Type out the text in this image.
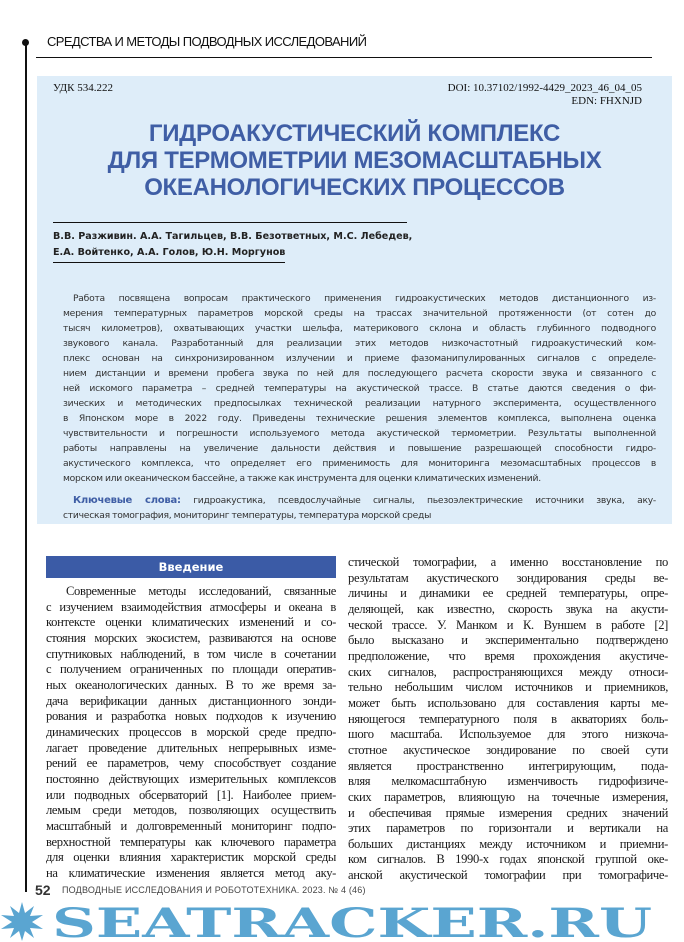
СРЕДСТВА И МЕТОДЫ ПОДВОДНЫХ ИССЛЕДОВАНИЙ
УДК 534.222	DOI: 10.37102/1992-4429_2023_46_04_05
EDN: FHXNJD
ГИДРОАКУСТИЧЕСКИЙ КОМПЛЕКС
ДЛЯ ТЕРМОМЕТРИИ МЕЗОМАСШТАБНЫХ
ОКЕАНОЛОГИЧЕСКИХ ПРОЦЕССОВ
В.В. Разживин. А.А. Тагильцев, В.В. Безответных, М.С. Лебедев,
Е.А. Войтенко, А.А. Голов, Ю.Н. Моргунов
Работа посвящена вопросам практического применения гидроакустических методов дистанционного из-
мерения температурных параметров морской среды на трассах значительной протяженности (от сотен до
тысяч километров), охватывающих участки шельфа, материкового склона и область глубинного подводного
звукового канала. Разработанный для реализации этих методов низкочастотный гидроакустический ком-
плекс основан на синхронизированном излучении и приеме фазоманипулированных сигналов с определе-
нием дистанции и времени пробега звука по ней для последующего расчета скорости звука и связанного с
ней искомого параметра – средней температуры на акустической трассе. В статье даются сведения о фи-
зических и методических предпосылках технической реализации натурного эксперимента, осуществленного
в Японском море в 2022 году. Приведены технические решения элементов комплекса, выполнена оценка
чувствительности и погрешности используемого метода акустической термометрии. Результаты выполненной
работы направлены на увеличение дальности действия и повышение разрешающей способности гидро-
акустического комплекса, что определяет его применимость для мониторинга мезомасштабных процессов в
морском или океаническом бассейне, а также как инструмента для оценки климатических изменений.
Ключевые слова: гидроакустика, псевдослучайные сигналы, пьезоэлектрические источники звука, аку-
стическая томография, мониторинг температуры, температура морской среды
Введение
Современные методы исследований, связанные
с изучением взаимодействия атмосферы и океана в
контексте оценки климатических изменений и со-
стояния морских экосистем, развиваются на основе
спутниковых наблюдений, в том числе в сочетании
с получением ограниченных по площади оператив-
ных океанологических данных. В то же время за-
дача верификации данных дистанционного зонди-
рования и разработка новых подходов к изучению
динамических процессов в морской среде предпо-
лагает проведение длительных непрерывных изме-
рений ее параметров, чему способствует создание
постоянно действующих измерительных комплексов
или подводных обсерваторий [1]. Наиболее прием-
лемым среди методов, позволяющих осуществить
масштабный и долговременный мониторинг подпо-
верхностной температуры как ключевого параметра
для оценки влияния характеристик морской среды
на климатические изменения является метод аку-
стической томографии, а именно восстановление по
результатам акустического зондирования среды ве-
личины и динамики ее средней температуры, опре-
деляющей, как известно, скорость звука на акусти-
ческой трассе. У. Манком и К. Вуншем в работе [2]
было высказано и экспериментально подтверждено
предположение, что время прохождения акустиче-
ских сигналов, распространяющихся между относи-
тельно небольшим числом источников и приемников,
может быть использовано для составления карты ме-
няющегося температурного поля в акваториях боль-
шого масштаба. Используемое для этого низкоча-
стотное акустическое зондирование по своей сути
является пространственно интегрирующим, пода-
вляя мелкомасштабную изменчивость гидрофизиче-
ских параметров, влияющую на точечные измерения,
и обеспечивая прямые измерения средних значений
этих параметров по горизонтали и вертикали на
больших дистанциях между источником и приемни-
ком сигналов. В 1990-х годах японской группой оке-
анской акустической томографии при томографиче-
52 ПОДВОДНЫЕ ИССЛЕДОВАНИЯ И РОБОТОТЕХНИКА. 2023. № 4 (46)
SEATRACKER.RU
